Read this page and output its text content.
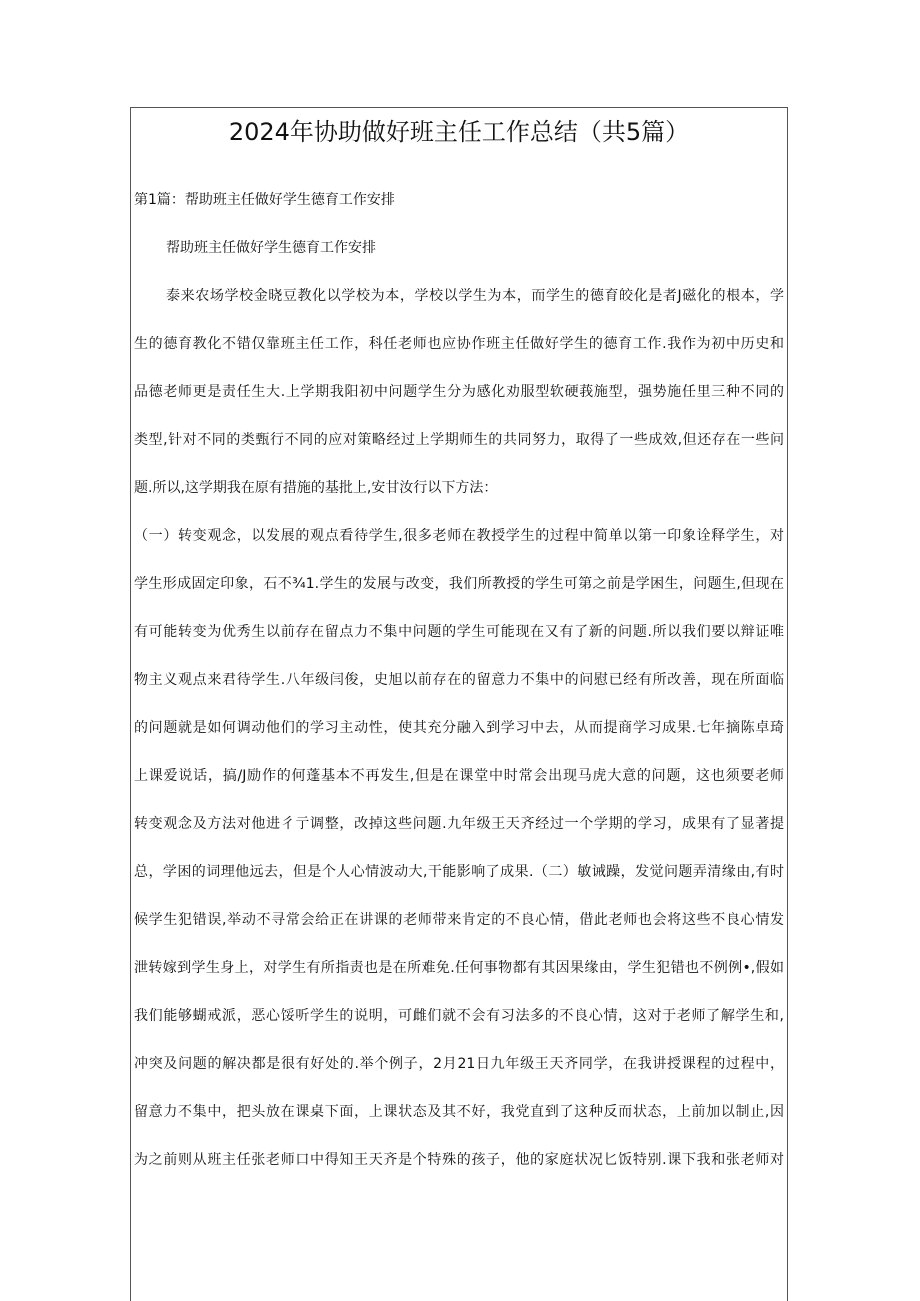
2024年协助做好班主任工作总结（共5篇）

第1篇：帮助班主任做好学生德育工作安排

帮助班主任做好学生德育工作安排

泰来农场学校金晓豆教化以学校为本，学校以学生为本，而学生的德育皎化是者J磁化的根本，学

生的德育教化不错仅靠班主任工作，科任老师也应协作班主任做好学生的德育工作.我作为初中历史和

品德老师更是责任生大.上学期我阳初中问题学生分为感化劝服型软硬莪施型，强势施任里三种不同的

类型,针对不同的类甄行不同的应对策略经过上学期师生的共同努力，取得了一些成效,但还存在一些问

题.所以,这学期我在原有措施的基批上,安甘汝行以下方法：

（一）转变观念，以发展的观点看待学生,很多老师在教授学生的过程中简单以第一印象诠释学生，对

学生形成固定印象，石不¾1.学生的发展与改变，我们所教授的学生可第之前是学困生，问题生,但现在

有可能转变为优秀生以前存在留点力不集中问题的学生可能现在又有了新的问题.所以我们要以辩证唯

物主义观点来君待学生.八年级闫俊，史旭以前存在的留意力不集中的问慰已经有所改善，现在所面临

的问题就是如何调动他们的学习主动性，使其充分融入到学习中去，从而提商学习成果.七年摘陈卓琦

上课爱说话，搞/J励作的何蓬基本不再发生,但是在课堂中时常会出现马虎大意的问题，这也须要老师

转变观念及方法对他进彳亍调整，改掉这些问题.九年级王天齐经过一个学期的学习，成果有了显著提

总，学困的词理他远去，但是个人心情波动大,干能影响了成果.（二）敏诫躁，发觉问题弄清缘由,有时

候学生犯错误,举动不寻常会给正在讲课的老师带来肯定的不良心情，借此老师也会将这些不良心情发

泄转嫁到学生身上，对学生有所指责也是在所难免.任何事物都有其因果缘由，学生犯错也不例例•,假如

我们能够蝴戒派，恶心馁听学生的说明，可雌们就不会有习法多的不良心情，这对于老师了解学生和,

冲突及问题的解决都是很有好处的.举个例子，2月21日九年级王天齐同学，在我讲授课程的过程中，

留意力不集中，把头放在课桌下面，上课状态及其不好，我党直到了这种反而状态，上前加以制止,因

为之前则从班主任张老师口中得知王天齐是个特殊的孩子，他的家庭状况匕饭特别.课下我和张老师对
